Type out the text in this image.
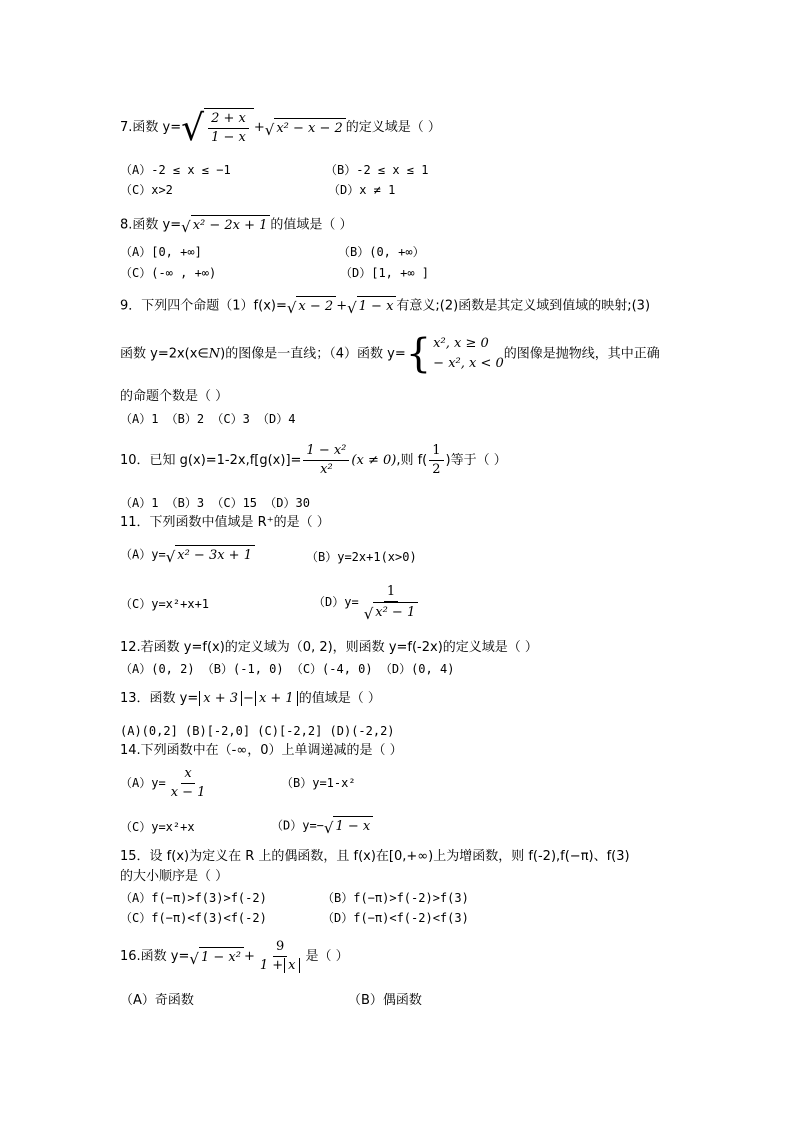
7.函数 y= √ $\frac{2 + x}{1 - x}$ + √ x² − x − 2 的定义域是（ ）
（A）-2 ≤ x ≤ −1	（B）-2 ≤ x ≤ 1
（C）x>2	（D）x ≠ 1
8.函数 y= √ x² − 2x + 1 的值域是（ ）
（A）[0, +∞]	（B）(0, +∞）
（C）(-∞ , +∞)	（D）[1, +∞ ]
9．下列四个命题（1）f(x)= √ x − 2 + √ 1 − x 有意义;(2)函数是其定义域到值域的映射;(3)
函数 y=2x(x∈N)的图像是一直线；（4）函数 y= { x², x ≥ 0
− x², x < 0
的图像是抛物线，其中正确
的命题个数是（ ）
（A）1 （B）2 （C）3 （D）4
10．已知 $g(x)=1-2x,f[g(x)]= \frac{\text{1 − x²}}{\text{x²}} (x \ne 0)$,则 $f( \frac{1}{2}$ )等于（ ）
（A）1 （B）3 （C）15 （D）30
11．下列函数中值域是 R⁺的是（ ）
（A）y= √ x² − 3x + 1	（B）y=2x+1(x>0)
（C）y=x²+x+1	$(D)y= \frac{1}{\text{√ x² − 1}}$
12.若函数 y=f(x)的定义域为（0, 2)，则函数 y=f(-2x)的定义域是（ ）
（A）(0, 2) （B）(-1, 0) （C）(-4, 0) （D）(0, 4)
13．函数 y= x + 3 − x + 1 的值域是（ ）
(A)(0,2] (B)[-2,0] (C)[-2,2] (D)(-2,2)
14.下列函数中在（-∞，0）上单调递减的是（ ）
$(A)y= \frac{x}{x - 1}$	（B）y=1-x²
（C）y=x²+x	（D）y=− √ 1 − x
15．设 f(x)为定义在 R 上的偶函数，且 f(x)在[0,+∞)上为增函数，则 f(-2),f(−π)、f(3)
的大小顺序是（ ）
（A）f(−π)>f(3)>f(-2)	（B）f(−π)>f(-2)>f(3)
（C）f(−π)<f(3)<f(-2)	（D）f(−π)<f(-2)<f(3)
16.函数 y= √ $1 - x^2 + \frac{9}{1 + x}$ 是（ ）
（A）奇函数	（B）偶函数
